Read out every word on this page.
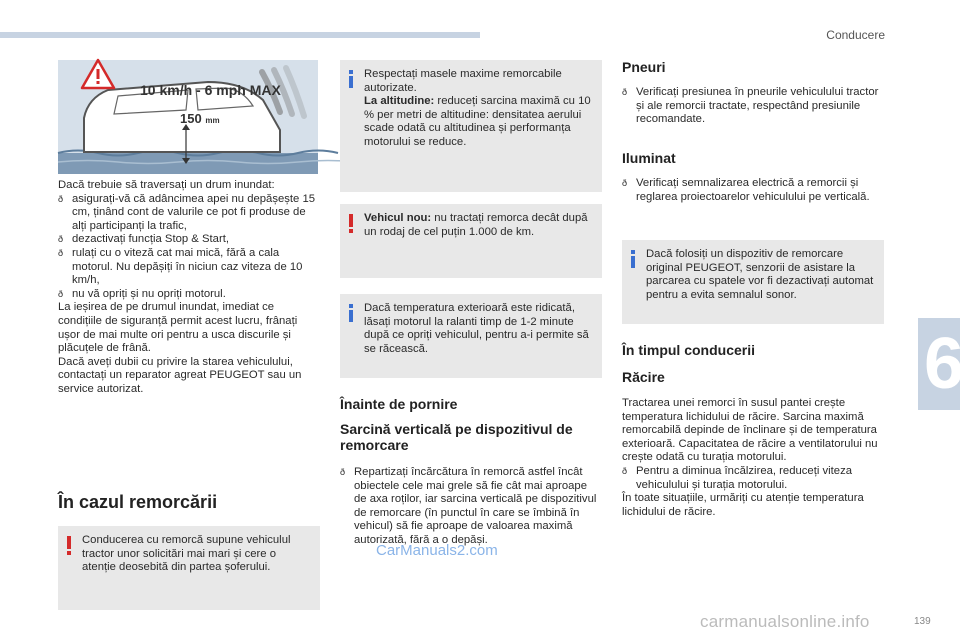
Conducere
6
10 km/h - 6 mph MAX
150 mm

Dacă trebuie să traversați un drum inundat:

ð asigurați-vă că adâncimea apei nu depășește 15 cm, ținând cont de valurile ce pot fi produse de alți participanți la trafic,
ð dezactivați funcția Stop & Start,
ð rulați cu o viteză cat mai mică, fără a cala motorul. Nu depășiți în niciun caz viteza de 10 km/h,
ð nu vă opriți și nu opriți motorul.

La ieșirea de pe drumul inundat, imediat ce condițiile de siguranță permit acest lucru, frânați ușor de mai multe ori pentru a usca discurile și plăcuțele de frână.

Dacă aveți dubii cu privire la starea vehiculului, contactați un reparator agreat PEUGEOT sau un service autorizat.

În cazul remorcării
Conducerea cu remorcă supune vehiculul tractor unor solicitări mai mari și cere o atenție deosebită din partea șoferului.
Respectați masele maxime remorcabile autorizate.
La altitudine: reduceți sarcina maximă cu 10 % per metri de altitudine: densitatea aerului scade odată cu altitudinea și performanța motorului se reduce.
Vehicul nou: nu tractați remorca decât după un rodaj de cel puțin 1.000 de km.
Dacă temperatura exterioară este ridicată, lăsați motorul la ralanti timp de 1-2 minute după ce opriți vehiculul, pentru a-i permite să se răcească.
Înainte de pornire
Sarcină verticală pe dispozitivul de remorcare
ð Repartizați încărcătura în remorcă astfel încât obiectele cele mai grele să fie cât mai aproape de axa roților, iar sarcina verticală pe dispozitivul de remorcare (în punctul în care se îmbină în vehicul) să fie aproape de valoarea maximă autorizată, fără a o depăși.
Pneuri
ð Verificați presiunea în pneurile vehiculului tractor și ale remorcii tractate, respectând presiunile recomandate.
Iluminat
ð Verificați semnalizarea electrică a remorcii și reglarea proiectoarelor vehiculului pe verticală.
Dacă folosiți un dispozitiv de remorcare original PEUGEOT, senzorii de asistare la parcarea cu spatele vor fi dezactivați automat pentru a evita semnalul sonor.
În timpul conducerii
Răcire

Tractarea unei remorci în susul pantei crește temperatura lichidului de răcire. Sarcina maximă remorcabilă depinde de înclinare și de temperatura exterioară. Capacitatea de răcire a ventilatorului nu crește odată cu turația motorului.

ð Pentru a diminua încălzirea, reduceți viteza vehiculului și turația motorului.

În toate situațiile, urmăriți cu atenție temperatura lichidului de răcire.

CarManuals2.com
carmanualsonline.info	139
